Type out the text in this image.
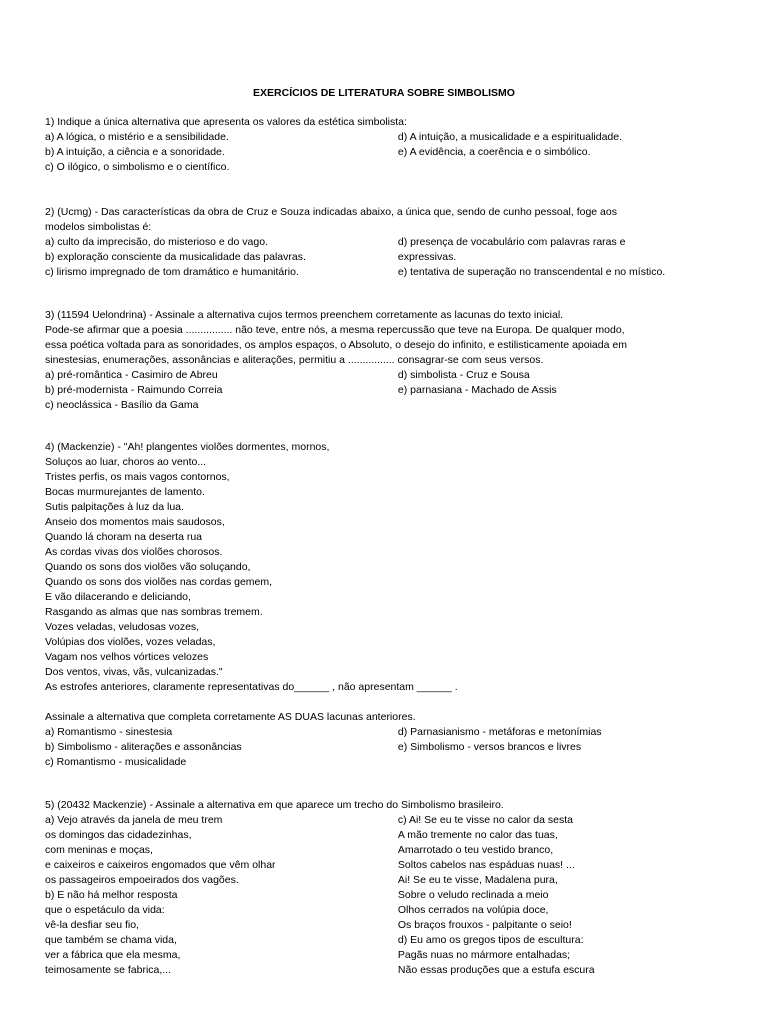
EXERCÍCIOS DE LITERATURA SOBRE SIMBOLISMO
1) Indique a única alternativa que apresenta os valores da estética simbolista:
a) A lógica, o mistério e a sensibilidade.
b) A intuição, a ciência e a sonoridade.
c) O ilógico, o simbolismo e o científico.
d) A intuição, a musicalidade e a espiritualidade.
e) A evidência, a coerência e o simbólico.
2) (Ucmg) - Das características da obra de Cruz e Souza indicadas abaixo, a única que, sendo de cunho pessoal, foge aos
modelos simbolistas é:
a) culto da imprecisão, do misterioso e do vago.
b) exploração consciente da musicalidade das palavras.
c) lirismo impregnado de tom dramático e humanitário.
d) presença de vocabulário com palavras raras e
expressivas.
e) tentativa de superação no transcendental e no místico.
3) (11594 Uelondrina) - Assinale a alternativa cujos termos preenchem corretamente as lacunas do texto inicial.
Pode-se afirmar que a poesia ................ não teve, entre nós, a mesma repercussão que teve na Europa. De qualquer modo,
essa poética voltada para as sonoridades, os amplos espaços, o Absoluto, o desejo do infinito, e estilisticamente apoiada em
sinestesias, enumerações, assonâncias e aliterações, permitiu a ................ consagrar-se com seus versos.
a) pré-romântica - Casimiro de Abreu
b) pré-modernista - Raimundo Correia
c) neoclássica - Basílio da Gama
d) simbolista - Cruz e Sousa
e) parnasiana - Machado de Assis
4) (Mackenzie) - "Ah! plangentes violões dormentes, mornos,
Soluços ao luar, choros ao vento...
Tristes perfis, os mais vagos contornos,
Bocas murmurejantes de lamento.
Sutis palpitações à luz da lua.
Anseio dos momentos mais saudosos,
Quando lá choram na deserta rua
As cordas vivas dos violões chorosos.
Quando os sons dos violões vão soluçando,
Quando os sons dos violões nas cordas gemem,
E vão dilacerando e deliciando,
Rasgando as almas que nas sombras tremem.
Vozes veladas, veludosas vozes,
Volúpias dos violões, vozes veladas,
Vagam nos velhos vórtices velozes
Dos ventos, vivas, vãs, vulcanizadas."
As estrofes anteriores, claramente representativas do______ , não apresentam ______ .
Assinale a alternativa que completa corretamente AS DUAS lacunas anteriores.
a) Romantismo - sinestesia
b) Simbolismo - aliterações e assonâncias
c) Romantismo - musicalidade
d) Parnasianismo - metáforas e metonímias
e) Simbolismo - versos brancos e livres
5) (20432 Mackenzie) - Assinale a alternativa em que aparece um trecho do Simbolismo brasileiro.
a) Vejo através da janela de meu trem
os domingos das cidadezinhas,
com meninas e moças,
e caixeiros e caixeiros engomados que vêm olhar
os passageiros empoeirados dos vagões.
b) E não há melhor resposta
que o espetáculo da vida:
vê-la desfiar seu fio,
que também se chama vida,
ver a fábrica que ela mesma,
teimosamente se fabrica,...
c) Ai! Se eu te visse no calor da sesta
A mão tremente no calor das tuas,
Amarrotado o teu vestido branco,
Soltos cabelos nas espáduas nuas! ...
Ai! Se eu te visse, Madalena pura,
Sobre o veludo reclinada a meio
Olhos cerrados na volúpia doce,
Os braços frouxos - palpitante o seio!
d) Eu amo os gregos tipos de escultura:
Pagãs nuas no mármore entalhadas;
Não essas produções que a estufa escura
